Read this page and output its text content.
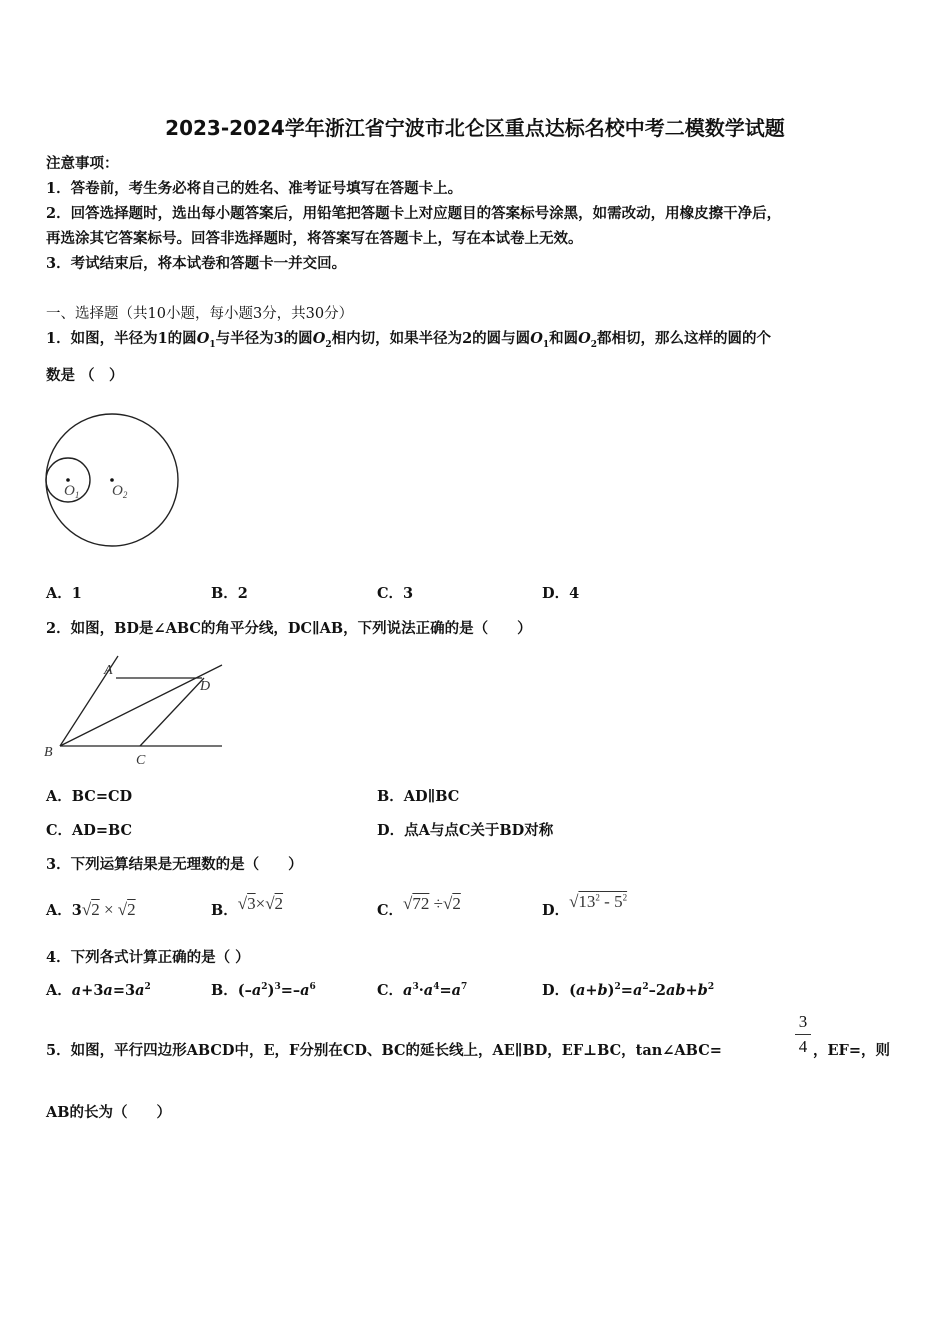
2023-2024学年浙江省宁波市北仑区重点达标名校中考二模数学试题
注意事项：
1．答卷前，考生务必将自己的姓名、准考证号填写在答题卡上。
2．回答选择题时，选出每小题答案后，用铅笔把答题卡上对应题目的答案标号涂黑，如需改动，用橡皮擦干净后，
再选涂其它答案标号。回答非选择题时，将答案写在答题卡上，写在本试卷上无效。
3．考试结束后，将本试卷和答题卡一并交回。
一、选择题（共10小题，每小题3分，共30分）
1．如图，半径为1的圆$O_1$与半径为3的圆$O_2$相内切，如果半径为2的圆与圆$O_1$和圆$O_2$都相切，那么这样的圆的个
数是 （　）
$O_1$ $O_2$
A．1	B．2	C．3	D．4
2．如图，BD是∠ABC的角平分线，DC∥AB，下列说法正确的是（　　）
A
B
C
D
A．BC=CD	B．AD∥BC
C．AD=BC	D．点A与点C关于BD对称
3．下列运算结果是无理数的是（　　）
A．3√2 × √2	B．√3×√2	C．√72 ÷√2	D．$√13^2 - 5^2$
4．下列各式计算正确的是（ ）
A．$a+3a=3a^2$	B．$(-a^2)^3=-a^6$	C．$a^3\cdot a^4=a^7$	D．$(a+b)^2=a^2-2ab+b^2$
5．如图，平行四边形ABCD中，E，F分别在CD、BC的延长线上，AE∥BD，EF⊥BC，tan∠ABC=
3
4 ，EF=，则
AB的长为（　　）
